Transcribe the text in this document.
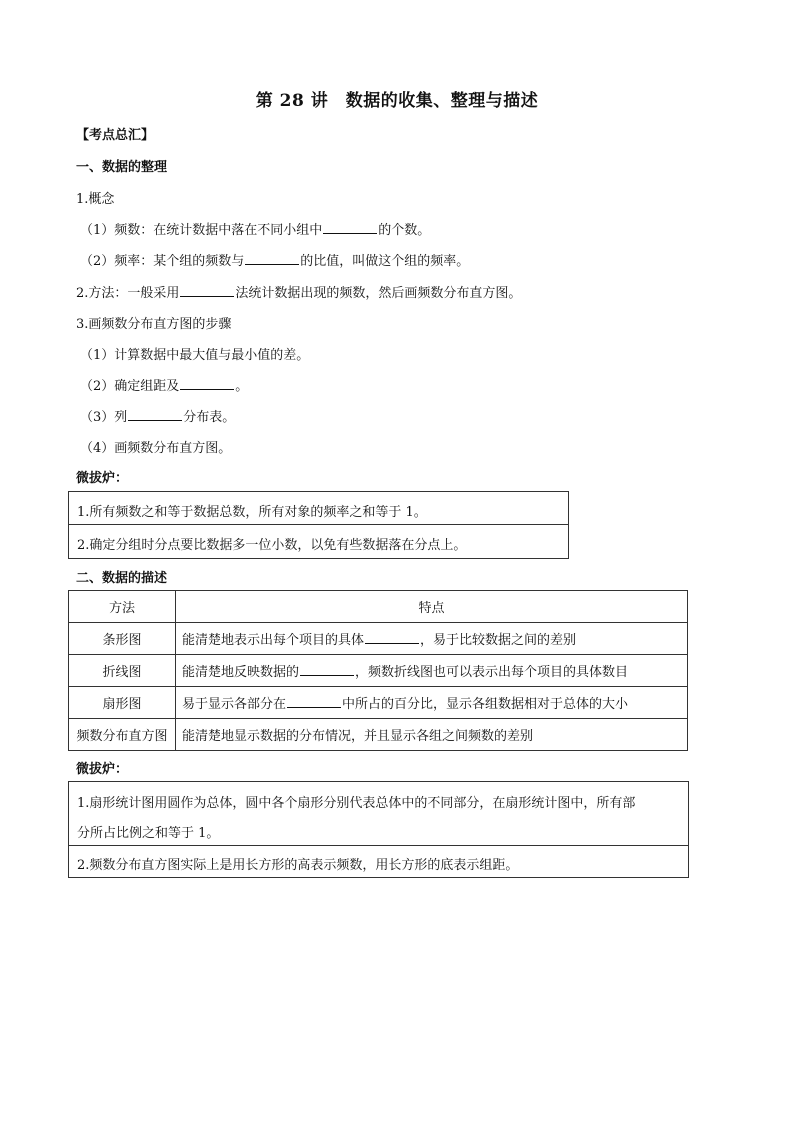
第 28 讲　数据的收集、整理与描述
【考点总汇】
一、数据的整理
1.概念
（1）频数：在统计数据中落在不同小组中	的个数。
（2）频率：某个组的频数与	的比值，叫做这个组的频率。
2.方法：一般采用	法统计数据出现的频数，然后画频数分布直方图。
3.画频数分布直方图的步骤
（1）计算数据中最大值与最小值的差。
（2）确定组距及	。
（3）列	分布表。
（4）画频数分布直方图。
微拔炉：
1.所有频数之和等于数据总数，所有对象的频率之和等于 1。
2.确定分组时分点要比数据多一位小数，以免有些数据落在分点上。
二、数据的描述
方法	特点
条形图	能清楚地表示出每个项目的具体 ，易于比较数据之间的差别
折线图	能清楚地反映数据的 ，频数折线图也可以表示出每个项目的具体数目
扇形图	易于显示各部分在 中所占的百分比，显示各组数据相对于总体的大小
频数分布直方图	能清楚地显示数据的分布情况，并且显示各组之间频数的差别
微拔炉：
1.扇形统计图用圆作为总体，圆中各个扇形分别代表总体中的不同部分，在扇形统计图中，所有部
分所占比例之和等于 1。
2.频数分布直方图实际上是用长方形的高表示频数，用长方形的底表示组距。
